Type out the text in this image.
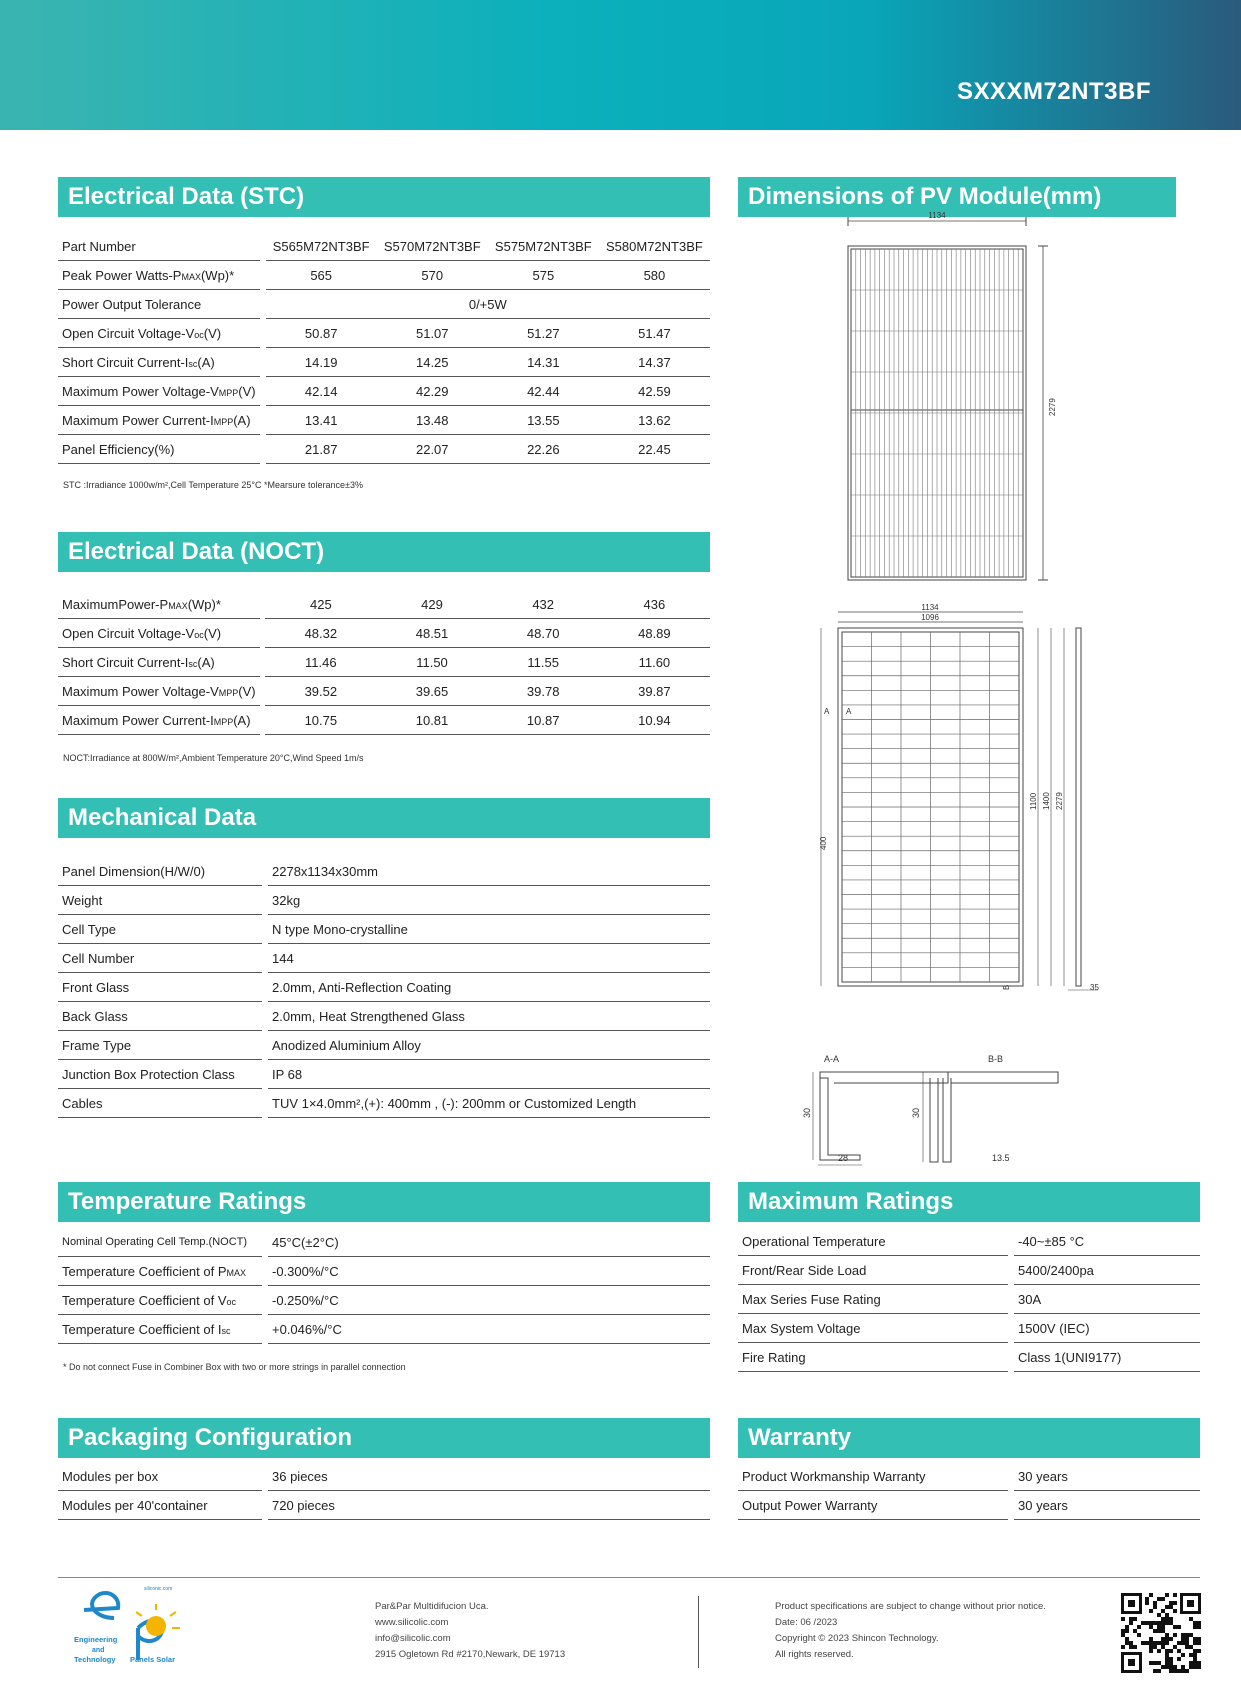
SXXXM72NT3BF
Electrical Data (STC)
Part Number		S565M72NT3BF	S570M72NT3BF	S575M72NT3BF	S580M72NT3BF
Peak Power Watts-PMAX(Wp)*		565	570	575	580
Power Output Tolerance		0/+5W			
Open Circuit Voltage-Voc(V)		50.87	51.07	51.27	51.47
Short Circuit Current-Isc(A)		14.19	14.25	14.31	14.37
Maximum Power Voltage-VMPP(V)		42.14	42.29	42.44	42.59
Maximum Power Current-IMPP(A)		13.41	13.48	13.55	13.62
Panel Efficiency(%)		21.87	22.07	22.26	22.45
STC :Irradiance 1000w/m²,Cell Temperature 25°C *Mearsure tolerance±3%
Electrical Data (NOCT)
MaximumPower-PMAX(Wp)*		425	429	432	436
Open Circuit Voltage-Voc(V)		48.32	48.51	48.70	48.89
Short Circuit Current-Isc(A)		11.46	11.50	11.55	11.60
Maximum Power Voltage-VMPP(V)		39.52	39.65	39.78	39.87
Maximum Power Current-IMPP(A)		10.75	10.81	10.87	10.94
NOCT:Irradiance at 800W/m²,Ambient Temperature 20°C,Wind Speed 1m/s
Mechanical Data
Panel Dimension(H/W/0)		2278x1134x30mm
Weight		32kg
Cell Type		N type Mono-crystalline
Cell Number		144
Front Glass		2.0mm, Anti-Reflection Coating
Back Glass		2.0mm, Heat Strengthened Glass
Frame Type		Anodized Aluminium Alloy
Junction Box Protection Class		IP 68
Cables		TUV 1×4.0mm²,(+): 400mm , (-): 200mm or Customized Length
Temperature Ratings
Nominal Operating Cell Temp.(NOCT)		45°C(±2°C)
Temperature Coefficient of PMAX		-0.300%/°C
Temperature Coefficient of Voc		-0.250%/°C
Temperature Coefficient of Isc		+0.046%/°C
* Do not connect Fuse in Combiner Box with two or more strings in parallel connection
Maximum Ratings
Operational Temperature		-40~±85 °C
Front/Rear Side Load		5400/2400pa
Max Series Fuse Rating		30A
Max System Voltage		1500V (IEC)
Fire Rating		Class 1(UNI9177)
Packaging Configuration
Modules per box		36 pieces
Modules per 40'container		720 pieces
Warranty
Product Workmanship Warranty		30 years
Output Power Warranty		30 years
Dimensions of PV Module(mm)
1134
2279
1134
1096
1100 1400 2279
400
35
A A
B
A-A
30
28
B-B
30
13.5
siliconic.com
Engineering
and
Technology Panels Solar
Par&Par Multidifucion Uca.
www.silicolic.com
info@silicolic.com
2915 Ogletown Rd #2170,Newark, DE 19713
Product specifications are subject to change without prior notice.
Date: 06 /2023
Copyright © 2023 Shincon Technology.
All rights reserved.
